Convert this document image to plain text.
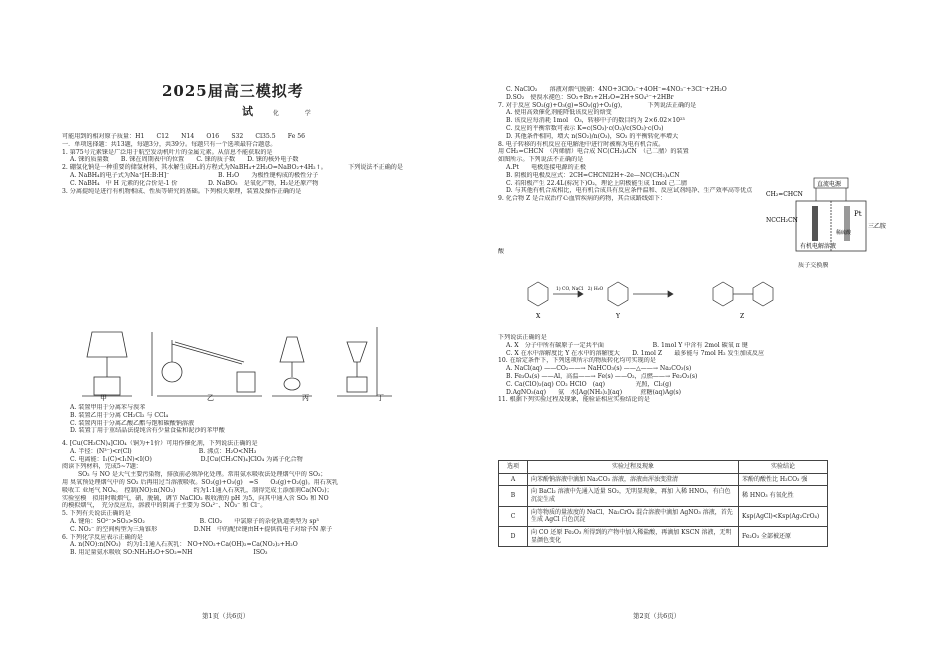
2025届高三模拟考
试 化 学
可能用到的相对原子质量：H1　　C12　　N14　　O16　　S32　　Cl35.5　　Fe 56
一．单项选择题：共13题，每题3分，共39分。每题只有一个选项最符合题意。
1. 第75号元素铼是广泛用于航空发动机叶片的金属元素。从信息不能获取的是
A. 铼的质量数　　B. 铼在周期表中的位置　　C. 铼的质子数　　D. 铼的核外电子数
2. 硼氢化钠是一种重要的储氢材料，其水解生成H₂的方程式为NaBH₄+2H₂O=NaBO₂+4H₂↑。　　　　下列说法不正确的是
A. NaBH₄的电子式为Na⁺[H:B:H]⁻　　　　　　　　B. H₂O　　为极性键构成的极性分子
C. NaBH₄　中 H 元素的化合价是-1 价　　　　　D. NaBO₂　是氧化产物，H₂是还原产物
3. 分离提纯是进行有机物相成、性质等研究的基础。下列相关原理，装置及操作正确的是
甲	乙	丙	丁
A. 装置甲用于分离苯与溴苯
B. 装置乙用于分离 CH₂Cl₂ 与 CCl₄
C. 装置丙用于分离乙酸乙酯与饱和碳酸钠溶液
D. 装置丁用于重结晶法提纯含有少量食盐和泥沙的苯甲酸
4. [Cu(CH₃CN)₄]ClO₄（铜为+1价）可用作催化剂，下列说法正确的是
A. 半径：(N³⁻)<r(Cl)　　　　　　　　　　　B. 沸点：H₂O<NH₃
C. 电离能：I₁(C)<I₁N)<I(O)　　　　　　　　D.[Cu(CH₃CN)₄]ClO₄ 为离子化合物
阅读下列材料，完成5~7题：
SO₂ 与 NO 是大气主要污染物，排放前必须净化处理。常用氨水吸收法处理烟气中的 SO₂；
用 臭氧预处理烟气中的 SO₂ 后再用过当溶液吸收。SO₂(g)+O₃(g)　=S　　O₂(g)+O₂(g)。用石灰乳
吸收工 业尾气 NOₓ。　控制(NO):n(NO₂)　　　约为1:1通入石灰乳，制得完成土添加剂Ca(NO₂)；
实验室模　拟用时吸烟气，硝、脱硫，调节 NaClO₂ 吸收液的 pH 为5，向其中通入含 SO₂ 和 NO
的模拟烟气，　充分反应后，溶液中的阴离子主要为 SO₄²⁻、NO₃⁻ 和 Cl⁻。
5. 下列有关说法正确的是
A. 键角：SO²⁻>SO₃>SO₂　　　　　　　　　B. ClO₂　　中氯原子的杂化轨道类型为 sp³
C. NO₂⁻ 的空间构型为三角锥形　　　　　　D.NH　中的配位键由H+提供孤电子对给予N 原子
6. 下列化学反应表示正确的是
A. n(NO):n(NO₂)　约为1:1通入石灰乳： NO+NO₂+Ca(OH)₂=Ca(NO₂)₂+H₂O
B. 用足量氨水吸收 SO:NH₃H₂O+SO₂=NH　　　　　　　　　　ISO₃
第1页（共6页）
C. NaClO₂　　溶液对烟气脱硝：4NO+3ClO₂⁻+4OH⁻=4NO₃⁻+3Cl⁻+2H₂O
D.SO₂　使溴水褪色：SO₂+Br₂+2H₂O=2H+SO₄²⁻+2HBr
7. 对于反应 SO₂(g)+O₃(g)=SO₃(g)+O₂(g)，　　　　下列说法正确的是
A. 使用高效催化剂能降低该反应的焓变
B. 该反应每消耗 1mol　O₃，转移中子的数目约为 2×6.02×10²³
C. 反应的平衡常数可表示 K=c(SO₃)·c(O₂)/c(SO₂)·c(O₃)
D. 其他条件相同，增大 n(SO₂)/n(O₃)，SO₂ 的平衡转化率增大
8. 电子转移的有机反应在电解池中进行时被称为电有机合成。
用 CH₂=CHCN　（丙烯腈）电合成 NC(CH₂)₄CN　（己二腈）的装置
如图所示。下列说法不正确的是
A.Pt　　电极连接电源的正极
B. 阴极的电极反应式：2CH=CHCNl2H+-2e—NC(CH₂)₄CN
C. 若阳极产生 22.4L(标况下)O₂，理论上阴极能生成 1mol 己二腈
D. 与其他有机合成相比，电有机合成具有反应条件温和、反应试剂纯净、生产效率高等优点
9. 化合物 Z 是合成治疗心血管疾病的药物，其合成路线如下：
直流电源
Pt
CH₂=CHCN
NCCH₂CN
有机电解溶液
三乙胺
稀硫酸
质子交换膜
酸
1) CO, NaCl　2) H₂O
X	Y	Z
下列说法正确的是
A. X　分子中所有碳原子一定共平面　　　　　　　　B. 1mol Y 中含有 2mol 碳氧 π 键
C. X 在水中溶解度比 Y 在水中的溶解度大　　D. 1mol Z　　最多能与 7mol H₂ 发生加成反应
10. 在给定条件下，下列选项所示的物质转化均可实现的是
A. NaCl(aq) ——CO₂——→ NaHCO₃(s) ——△——→ Na₂CO₃(s)
B. Fe₃O₄(s) ——Al，高温——→ Fe(s) ——O₂，点燃——→ Fe₂O₃(s)
C. Ca(ClO)₂(aq) CO₂ HClO　(aq)　　　　　光照，Cl₂(g)
D.AgNO₃(aq)　　氨　水[Ag(NH₃)₂](aq)　　　蔗糖(aq)Ag(s)
11. 根据下列实验过程及现象，能验证相应实验结论的是
选项	实验过程及现象	实验结论
A	向苯酚钠溶液中滴加 Na₂CO₃ 溶液，溶液由浑浊变澄清	苯酚的酸性比 H₂CO₃ 强
B	向 BaCl₂ 溶液中先通入适量 SO₂，无明显现象，再加 入稀 HNO₃，有白色沉淀生成	稀 HNO₃ 有氧化性
C	向等物质的量浓度的 NaCl、Na₂CrO₄ 混合溶液中滴加 AgNO₃ 溶液，首先生成 AgCl 白色沉淀	Ksp(AgCl)<Ksp(Ag₂CrO₄)
D	向 CO 还原 Fe₂O₃ 所得到的产物中加入稀盐酸，再滴加 KSCN 溶液，无明显颜色变化	Fe₂O₃ 全部被还原
第2页（共6页）
